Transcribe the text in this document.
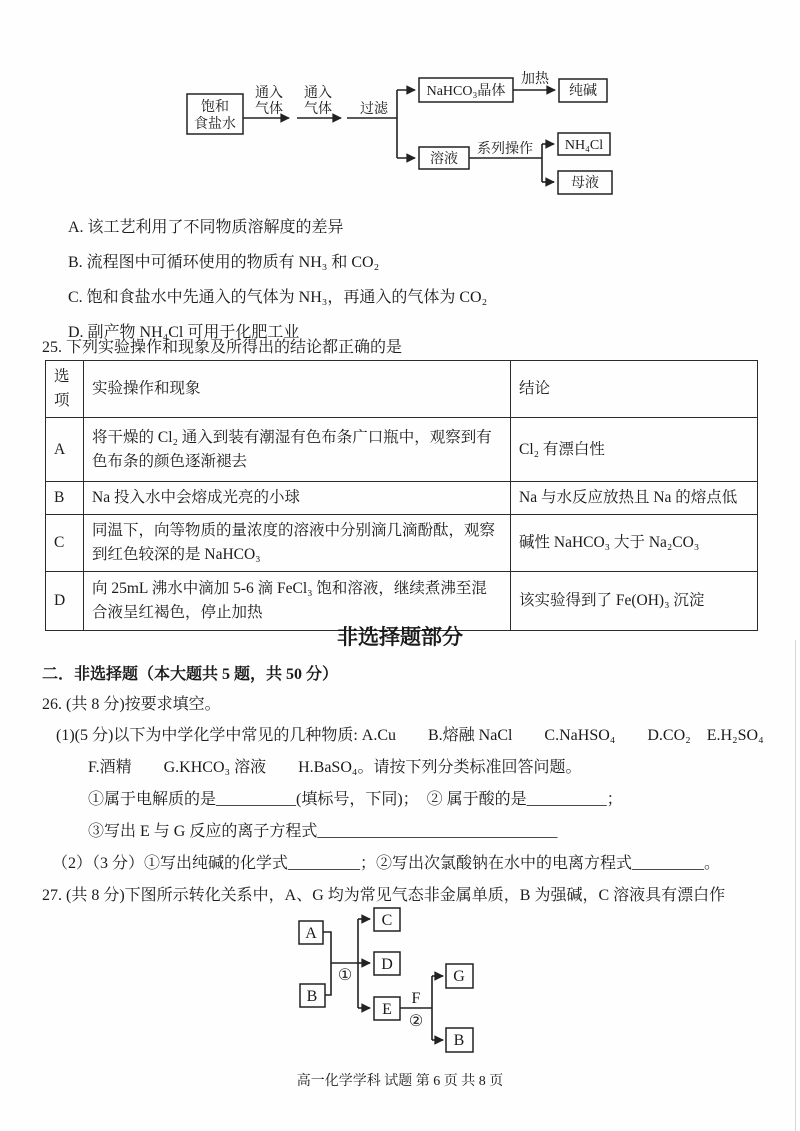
饱和
食盐水
通入
气体
通入
气体 过滤
NaHCO₃晶体
加热
纯碱
溶液
系列操作 NH₄Cl
母液
A. 该工艺利用了不同物质溶解度的差异
B. 流程图中可循环使用的物质有 NH₃ 和 CO₂
C. 饱和食盐水中先通入的气体为 NH₃，再通入的气体为 CO₂
D. 副产物 NH₄Cl 可用于化肥工业
25. 下列实验操作和现象及所得出的结论都正确的是
选项	实验操作和现象	结论
A	将干燥的 Cl₂ 通入到装有潮湿有色布条广口瓶中，观察到有色布条的颜色逐渐褪去	Cl₂ 有漂白性
B	Na 投入水中会熔成光亮的小球	Na 与水反应放热且 Na 的熔点低
C	同温下，向等物质的量浓度的溶液中分别滴几滴酚酞，观察到红色较深的是 NaHCO₃	碱性 NaHCO₃ 大于 Na₂CO₃
D	向 25mL 沸水中滴加 5-6 滴 FeCl₃ 饱和溶液，继续煮沸至混合液呈红褐色，停止加热	该实验得到了 Fe(OH)₃ 沉淀
非选择题部分
二．非选择题（本大题共 5 题，共 50 分）
26. (共 8 分)按要求填空。
(1)(5 分)以下为中学化学中常见的几种物质: A.Cu　　B.熔融 NaCl　　C.NaHSO₄　　D.CO₂　E.H₂SO₄
F.酒精　　G.KHCO₃ 溶液　　H.BaSO₄。请按下列分类标准回答问题。
①属于电解质的是__________(填标号，下同)；　② 属于酸的是__________；
③写出 E 与 G 反应的离子方程式______________________________
（2）（3 分）①写出纯碱的化学式_________；②写出次氯酸钠在水中的电离方程式_________。
27. (共 8 分)下图所示转化关系中，A、G 均为常见气态非金属单质，B 为强碱，C 溶液具有漂白作
A
B
①
C
D
E
F
②
G
B
高一化学学科 试题 第 6 页 共 8 页
